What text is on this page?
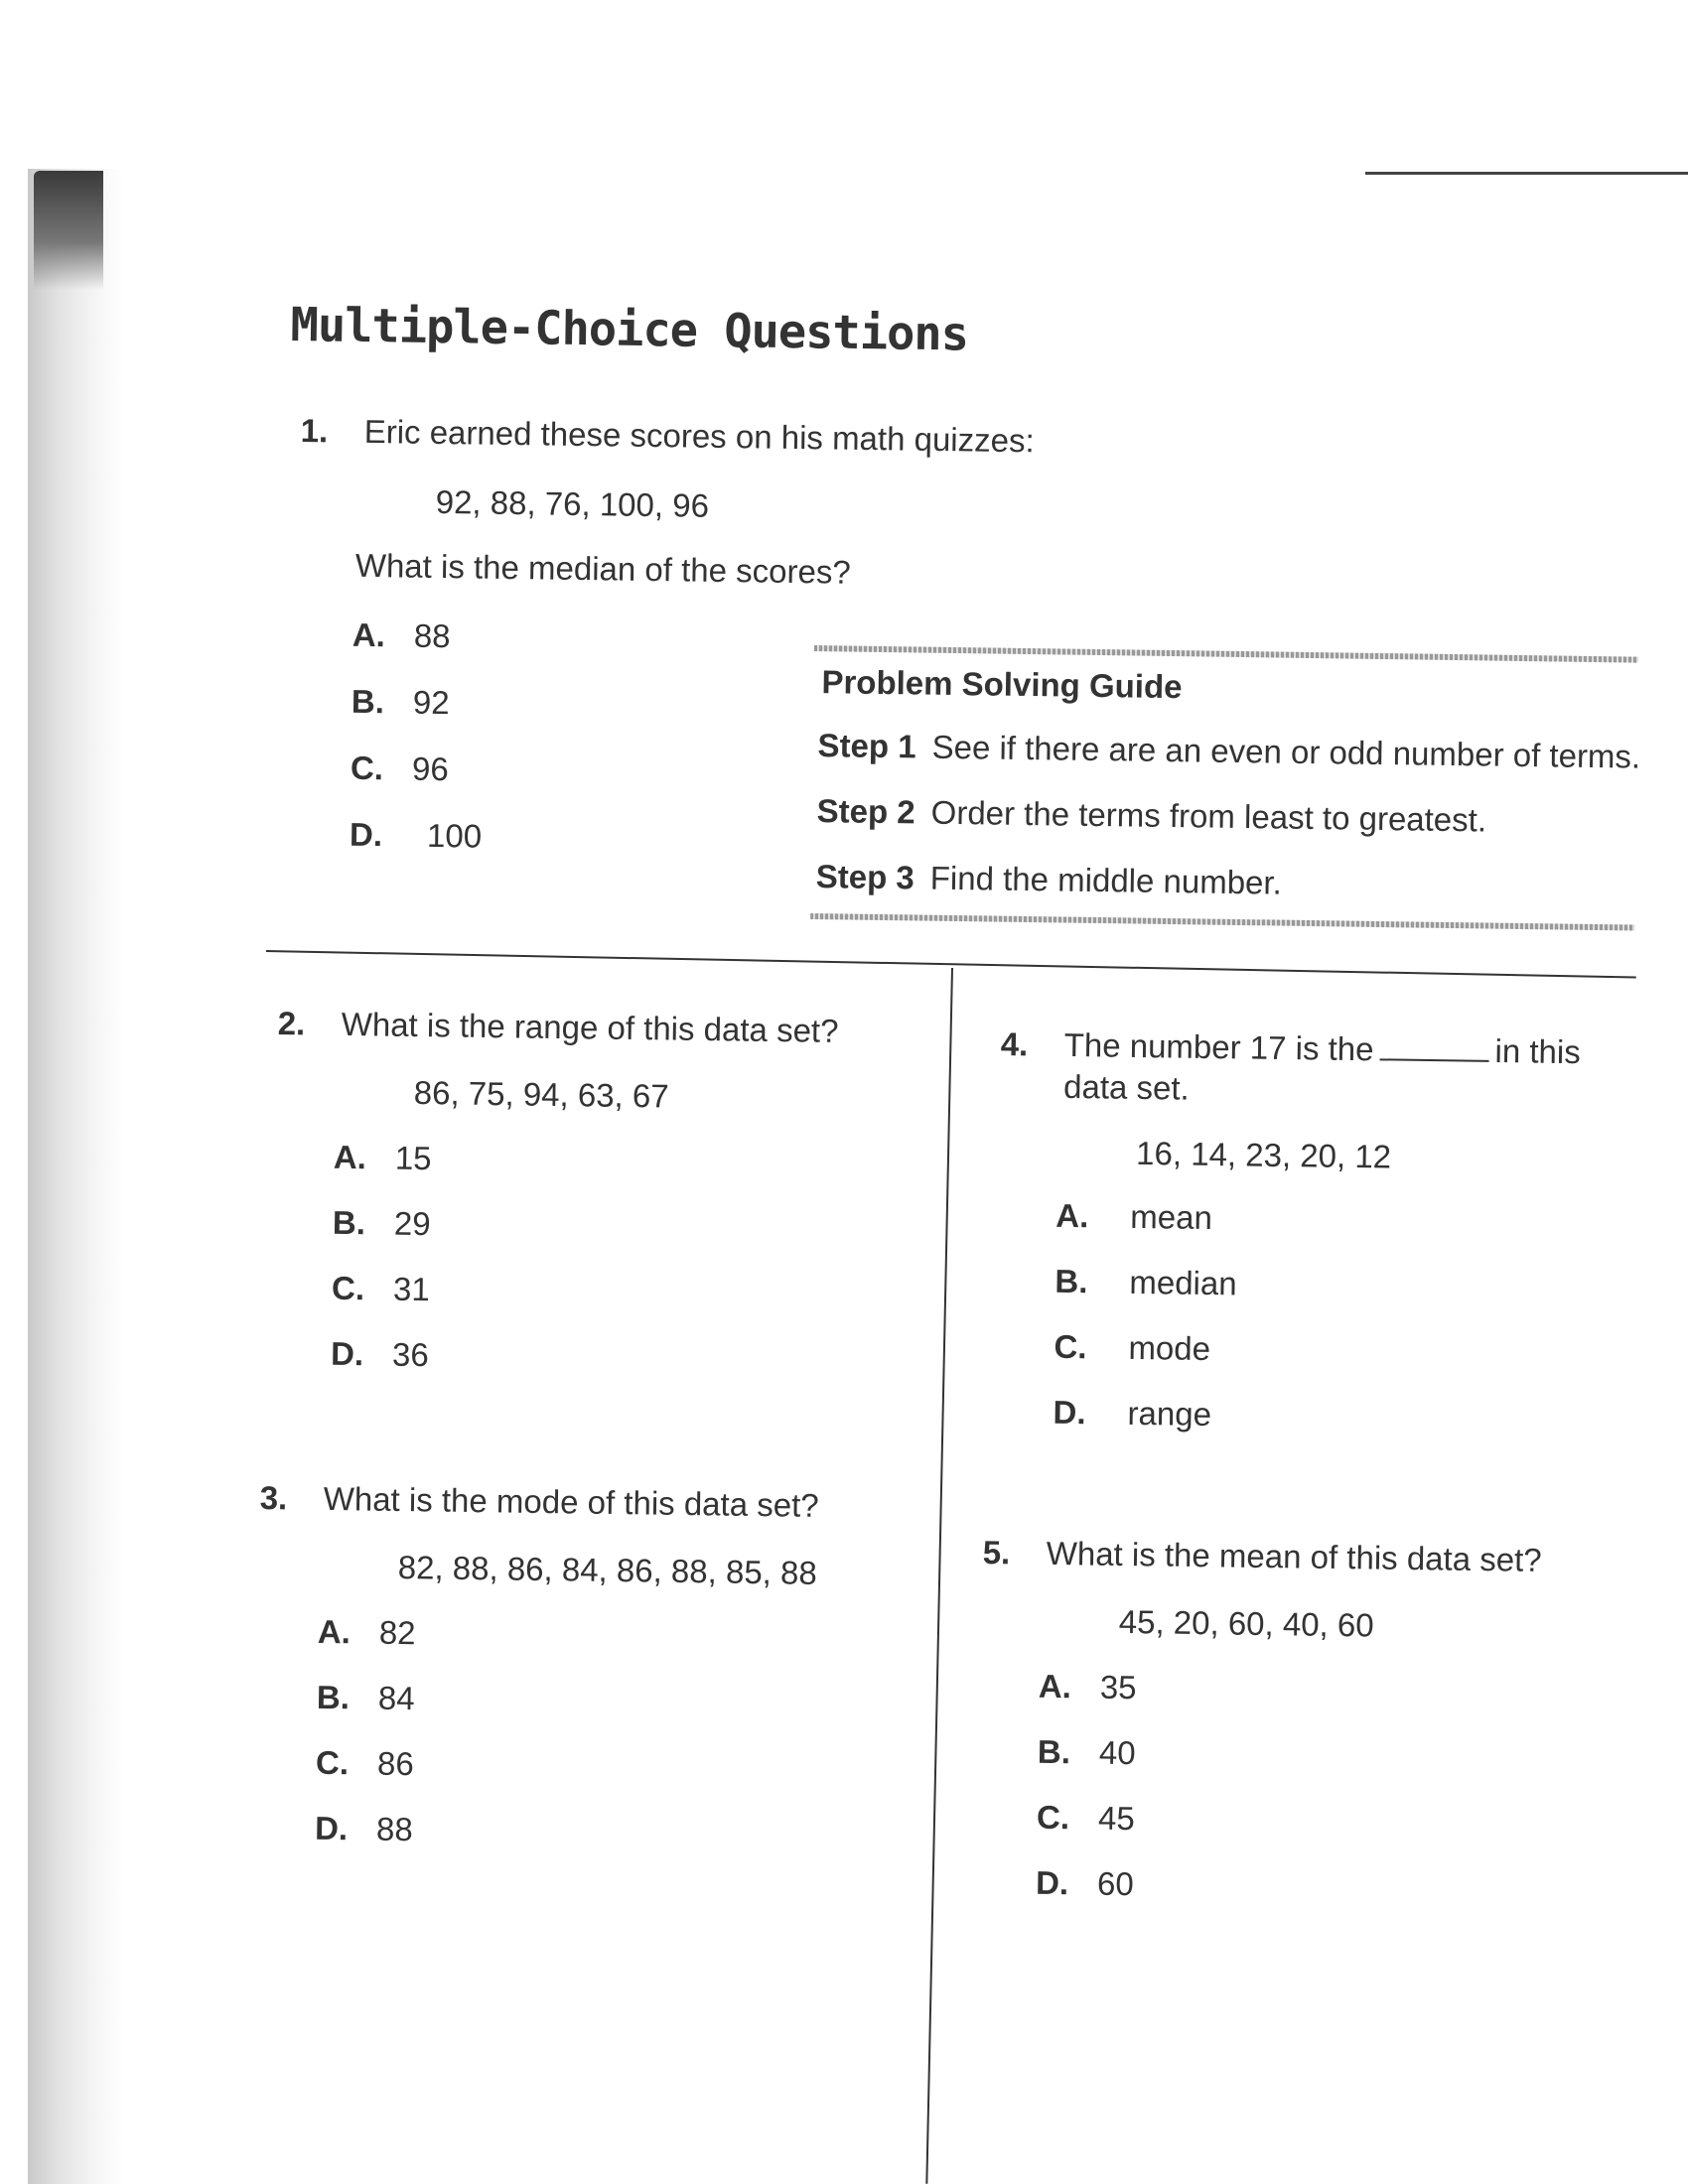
Multiple-Choice Questions
1. Eric earned these scores on his math quizzes:
92, 88, 76, 100, 96
What is the median of the scores?
A. 88
B. 92
C. 96
D. 100
Problem Solving Guide
Step 1 See if there are an even or odd number of terms.
Step 2 Order the terms from least to greatest.
Step 3 Find the middle number.
2. What is the range of this data set?
86, 75, 94, 63, 67
A. 15
B. 29
C. 31
D. 36
3. What is the mode of this data set?
82, 88, 86, 84, 86, 88, 85, 88
A. 82
B. 84
C. 86
D. 88
4. The number 17 is the	in this
data set.
16, 14, 23, 20, 12
A. mean
B. median
C. mode
D. range
5. What is the mean of this data set?
45, 20, 60, 40, 60
A. 35
B. 40
C. 45
D. 60
